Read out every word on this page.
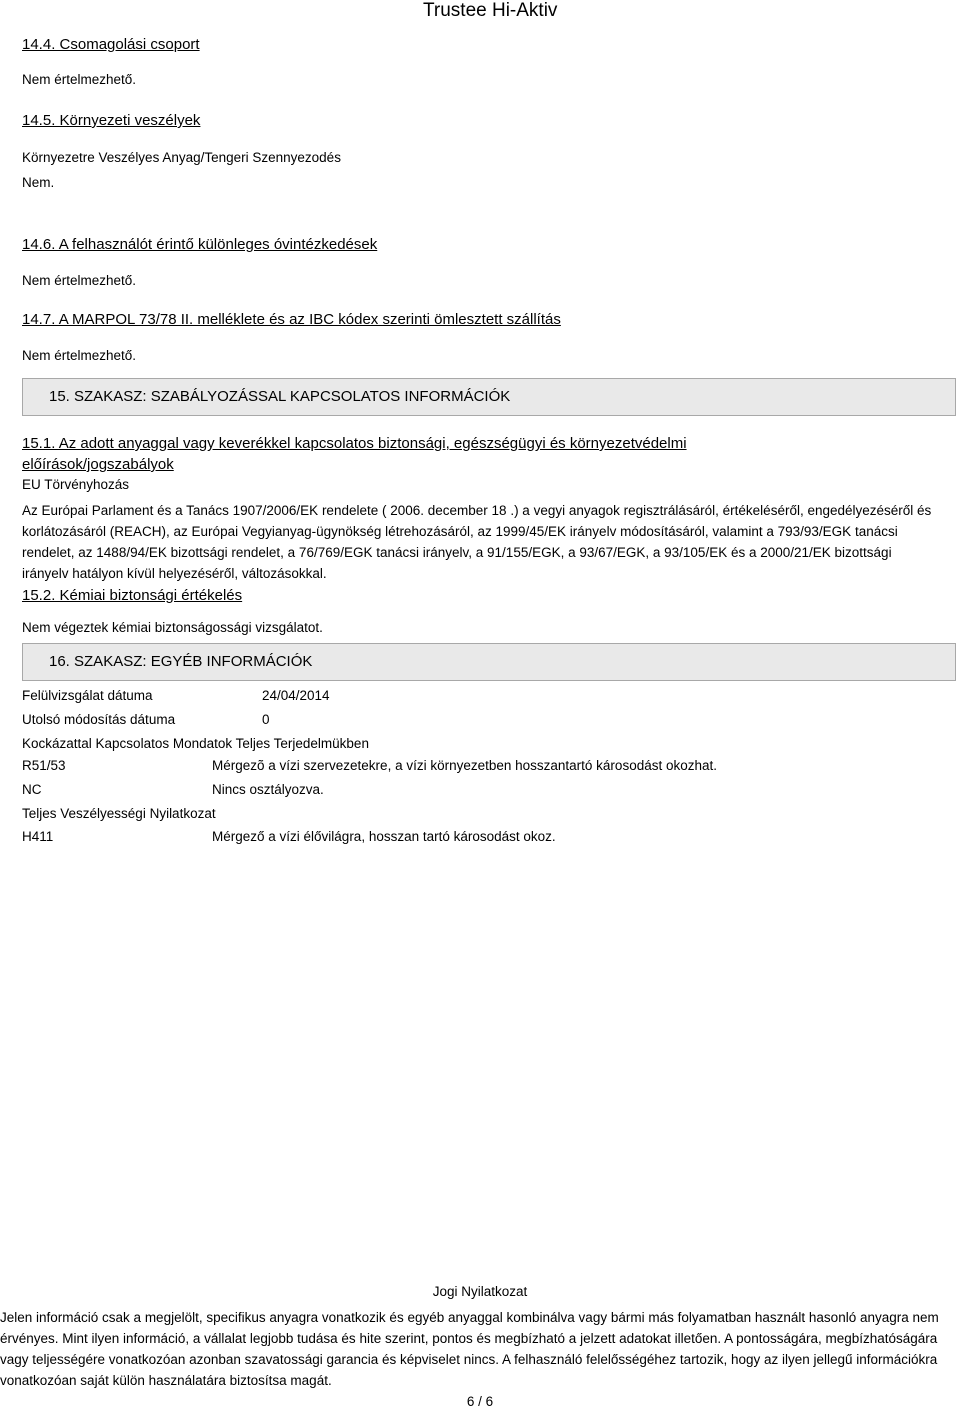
Trustee Hi-Aktiv
14.4. Csomagolási csoport
Nem értelmezhető.
14.5. Környezeti veszélyek
Környezetre Veszélyes Anyag/Tengeri Szennyezodés
Nem.
14.6. A felhasználót érintő különleges óvintézkedések
Nem értelmezhető.
14.7. A MARPOL 73/78 II. melléklete és az IBC kódex szerinti ömlesztett szállítás
Nem értelmezhető.
15. SZAKASZ: SZABÁLYOZÁSSAL KAPCSOLATOS INFORMÁCIÓK
15.1. Az adott anyaggal vagy keverékkel kapcsolatos biztonsági, egészségügyi és környezetvédelmi
előírások/jogszabályok
EU Törvényhozás
Az Európai Parlament és a Tanács 1907/2006/EK rendelete ( 2006. december 18 .) a vegyi anyagok regisztrálásáról, értékeléséről, engedélyezéséről és korlátozásáról (REACH), az Európai Vegyianyag-ügynökség létrehozásáról, az 1999/45/EK irányelv módosításáról, valamint a 793/93/EGK tanácsi rendelet, az 1488/94/EK bizottsági rendelet, a 76/769/EGK tanácsi irányelv, a 91/155/EGK, a 93/67/EGK, a 93/105/EK és a 2000/21/EK bizottsági irányelv hatályon kívül helyezéséről, változásokkal.
15.2. Kémiai biztonsági értékelés
Nem végeztek kémiai biztonságossági vizsgálatot.
16. SZAKASZ: EGYÉB INFORMÁCIÓK
Felülvizsgálat dátuma	24/04/2014
Utolsó módosítás dátuma	0
Kockázattal Kapcsolatos Mondatok Teljes Terjedelmükben
R51/53	Mérgezõ a vízi szervezetekre, a vízi környezetben hosszantartó károsodást okozhat.
NC	Nincs osztályozva.
Teljes Veszélyességi Nyilatkozat
H411	Mérgező a vízi élővilágra, hosszan tartó károsodást okoz.
Jogi Nyilatkozat
Jelen információ csak a megjelölt, specifikus anyagra vonatkozik és egyéb anyaggal kombinálva vagy bármi más folyamatban használt hasonló anyagra nem érvényes. Mint ilyen információ, a vállalat legjobb tudása és hite szerint, pontos és megbízható a jelzett adatokat illetően. A pontosságára, megbízhatóságára vagy teljességére vonatkozóan azonban szavatossági garancia és képviselet nincs. A felhasználó felelősségéhez tartozik, hogy az ilyen jellegű információkra vonatkozóan saját külön használatára biztosítsa magát.
6 / 6
